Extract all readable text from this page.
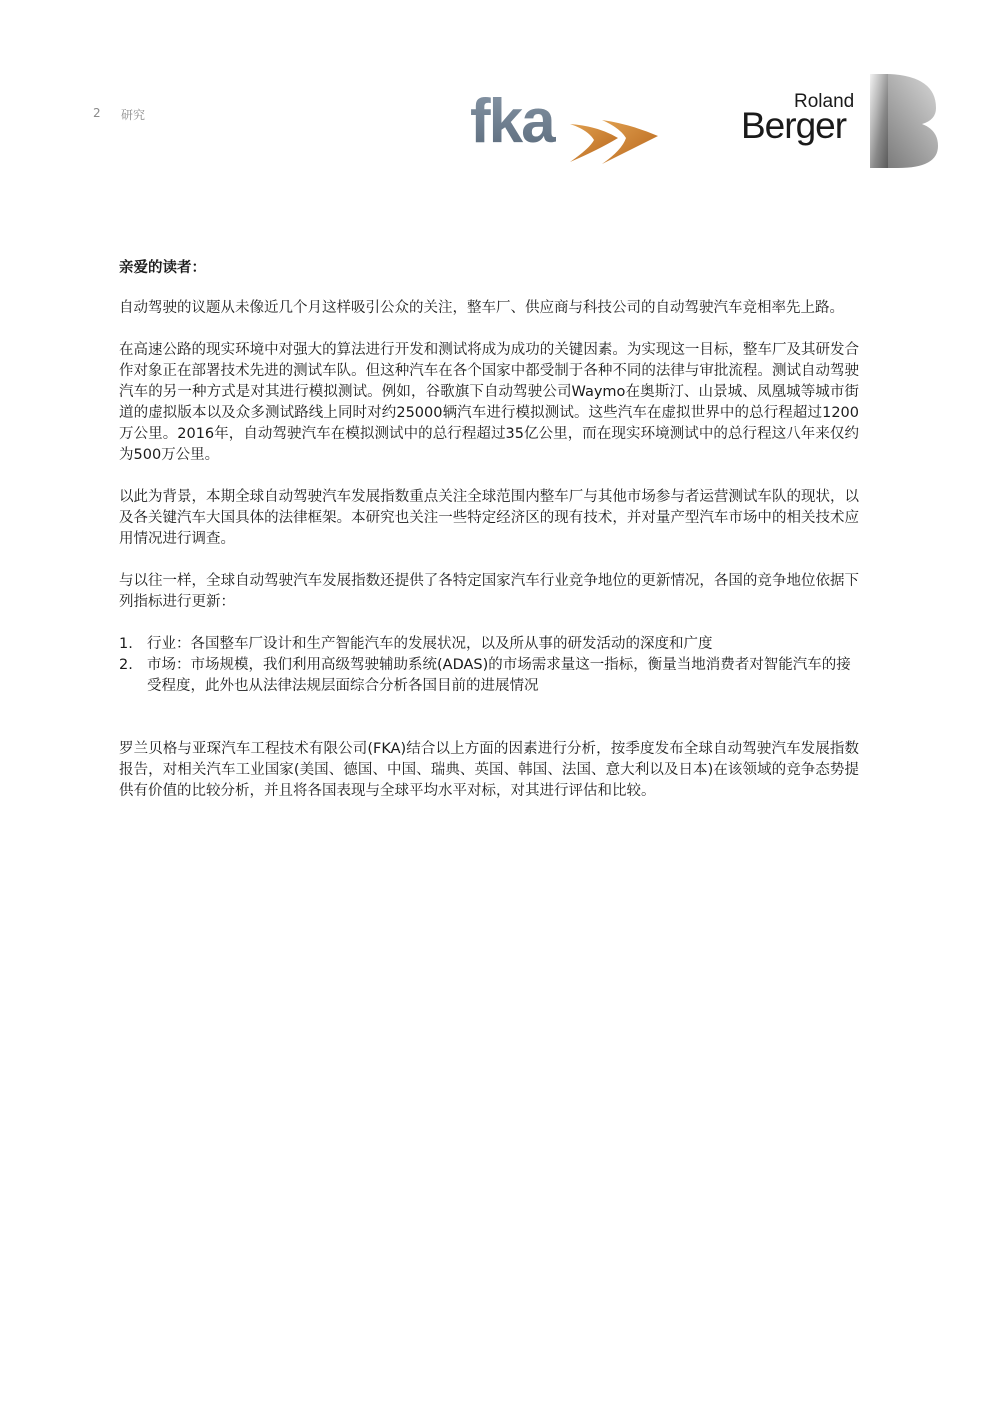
2 研究	fka	Roland
Berger

亲爱的读者：

自动驾驶的议题从未像近几个月这样吸引公众的关注，整车厂、供应商与科技公司的自动驾驶汽车竞相率先上路。

在高速公路的现实环境中对强大的算法进行开发和测试将成为成功的关键因素。为实现这一目标，整车厂及其研发合作对象正在部署技术先进的测试车队。但这种汽车在各个国家中都受制于各种不同的法律与审批流程。测试自动驾驶汽车的另一种方式是对其进行模拟测试。例如，谷歌旗下自动驾驶公司Waymo在奥斯汀、山景城、凤凰城等城市街道的虚拟版本以及众多测试路线上同时对约25000辆汽车进行模拟测试。这些汽车在虚拟世界中的总行程超过1200万公里。2016年，自动驾驶汽车在模拟测试中的总行程超过35亿公里，而在现实环境测试中的总行程这八年来仅约为500万公里。

以此为背景，本期全球自动驾驶汽车发展指数重点关注全球范围内整车厂与其他市场参与者运营测试车队的现状，以及各关键汽车大国具体的法律框架。本研究也关注一些特定经济区的现有技术，并对量产型汽车市场中的相关技术应用情况进行调查。

与以往一样，全球自动驾驶汽车发展指数还提供了各特定国家汽车行业竞争地位的更新情况，各国的竞争地位依据下列指标进行更新：

1. 行业：各国整车厂设计和生产智能汽车的发展状况，以及所从事的研发活动的深度和广度
2. 市场：市场规模，我们利用高级驾驶辅助系统(ADAS)的市场需求量这一指标，衡量当地消费者对智能汽车的接受程度，此外也从法律法规层面综合分析各国目前的进展情况

罗兰贝格与亚琛汽车工程技术有限公司(FKA)结合以上方面的因素进行分析，按季度发布全球自动驾驶汽车发展指数报告，对相关汽车工业国家(美国、德国、中国、瑞典、英国、韩国、法国、意大利以及日本)在该领域的竞争态势提供有价值的比较分析，并且将各国表现与全球平均水平对标，对其进行评估和比较。
